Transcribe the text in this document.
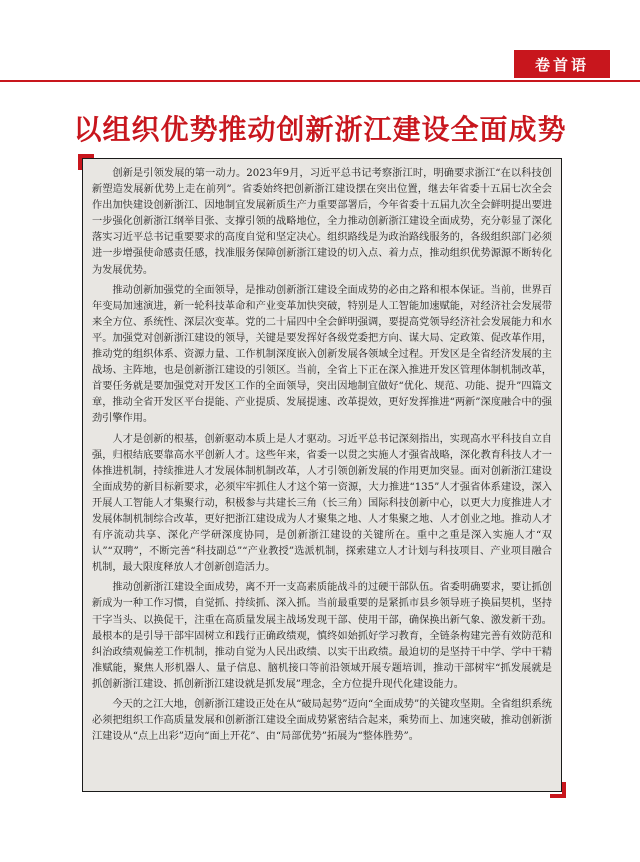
卷首语
以组织优势推动创新浙江建设全面成势

创新是引领发展的第一动力。2023年9月，习近平总书记考察浙江时，明确要求浙江“在以科技创新塑造发展新优势上走在前列”。省委始终把创新浙江建设摆在突出位置，继去年省委十五届七次全会作出加快建设创新浙江、因地制宜发展新质生产力重要部署后，今年省委十五届九次全会鲜明提出要进一步强化创新浙江纲举目张、支撑引领的战略地位，全力推动创新浙江建设全面成势，充分彰显了深化落实习近平总书记重要要求的高度自觉和坚定决心。组织路线是为政治路线服务的，各级组织部门必须进一步增强使命感责任感，找准服务保障创新浙江建设的切入点、着力点，推动组织优势源源不断转化为发展优势。

推动创新加强党的全面领导，是推动创新浙江建设全面成势的必由之路和根本保证。当前，世界百年变局加速演进，新一轮科技革命和产业变革加快突破，特别是人工智能加速赋能，对经济社会发展带来全方位、系统性、深层次变革。党的二十届四中全会鲜明强调，要提高党领导经济社会发展能力和水平。加强党对创新浙江建设的领导，关键是要发挥好各级党委把方向、谋大局、定政策、促改革作用，推动党的组织体系、资源力量、工作机制深度嵌入创新发展各领域全过程。开发区是全省经济发展的主战场、主阵地，也是创新浙江建设的引领区。当前，全省上下正在深入推进开发区管理体制机制改革，首要任务就是要加强党对开发区工作的全面领导，突出因地制宜做好“优化、规范、功能、提升”四篇文章，推动全省开发区平台提能、产业提质、发展提速、改革提效，更好发挥推进“两新”深度融合中的强劲引擎作用。

人才是创新的根基，创新驱动本质上是人才驱动。习近平总书记深刻指出，实现高水平科技自立自强，归根结底要靠高水平创新人才。这些年来，省委一以贯之实施人才强省战略，深化教育科技人才一体推进机制，持续推进人才发展体制机制改革，人才引领创新发展的作用更加突显。面对创新浙江建设全面成势的新目标新要求，必须牢牢抓住人才这个第一资源，大力推进“135”人才强省体系建设，深入开展人工智能人才集聚行动，积极参与共建长三角（长三角）国际科技创新中心，以更大力度推进人才发展体制机制综合改革，更好把浙江建设成为人才聚集之地、人才集聚之地、人才创业之地。推动人才有序流动共享、深化产学研深度协同，是创新浙江建设的关键所在。重中之重是深入实施人才“双认”“双聘”，不断完善“科技副总”“产业教授”选派机制，探索建立人才计划与科技项目、产业项目融合机制，最大限度释放人才创新创造活力。

推动创新浙江建设全面成势，离不开一支高素质能战斗的过硬干部队伍。省委明确要求，要让抓创新成为一种工作习惯，自觉抓、持续抓、深入抓。当前最重要的是紧抓市县乡领导班子换届契机，坚持干字当头、以换促干，注重在高质量发展主战场发现干部、使用干部，确保换出新气象、激发新干劲。最根本的是引导干部牢固树立和践行正确政绩观，慎终如始抓好学习教育，全链条构建完善有效防范和纠治政绩观偏差工作机制，推动自觉为人民出政绩、以实干出政绩。最迫切的是坚持干中学、学中干精准赋能，聚焦人形机器人、量子信息、脑机接口等前沿领域开展专题培训，推动干部树牢“抓发展就是抓创新浙江建设、抓创新浙江建设就是抓发展”理念，全方位提升现代化建设能力。

今天的之江大地，创新浙江建设正处在从“破局起势”迈向“全面成势”的关键攻坚期。全省组织系统必须把组织工作高质量发展和创新浙江建设全面成势紧密结合起来，乘势而上、加速突破，推动创新浙江建设从“点上出彩”迈向“面上开花”、由“局部优势”拓展为“整体胜势”。
